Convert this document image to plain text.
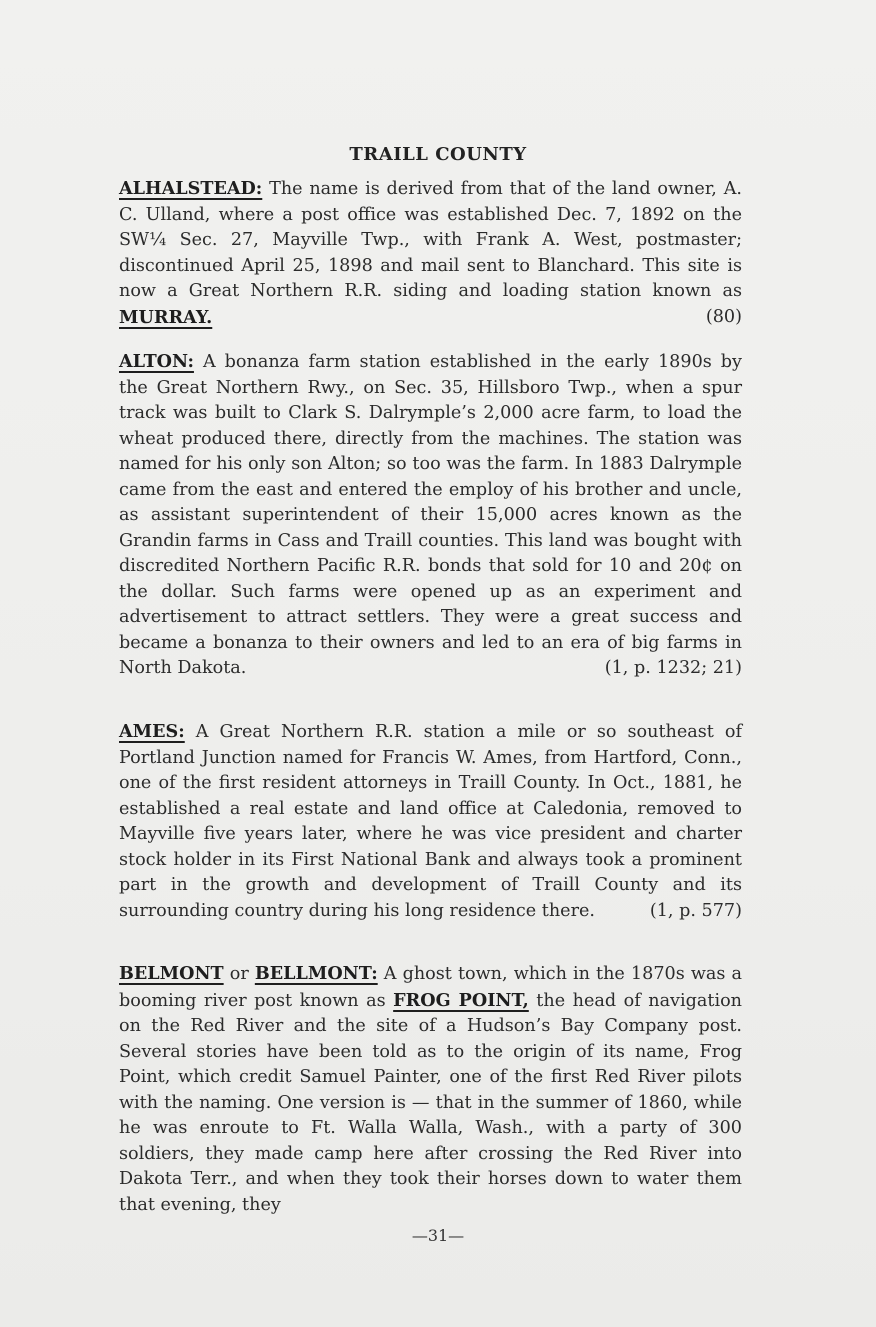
TRAILL COUNTY

ALHALSTEAD: The name is derived from that of the land owner, A. C. Ulland, where a post office was established Dec. 7, 1892 on the SW¼ Sec. 27, Mayville Twp., with Frank A. West, postmaster; discontinued April 25, 1898 and mail sent to Blanchard. This site is now a Great Northern R.R. siding and loading station known as MURRAY.	(80)

ALTON: A bonanza farm station established in the early 1890s by the Great Northern Rwy., on Sec. 35, Hillsboro Twp., when a spur track was built to Clark S. Dalrymple’s 2,000 acre farm, to load the wheat produced there, directly from the machines. The station was named for his only son Alton; so too was the farm. In 1883 Dalrymple came from the east and entered the employ of his brother and uncle, as assistant superintendent of their 15,000 acres known as the Grandin farms in Cass and Traill counties. This land was bought with discredited Northern Pacific R.R. bonds that sold for 10 and 20¢ on the dollar. Such farms were opened up as an experiment and advertisement to attract settlers. They were a great success and became a bonanza to their owners and led to an era of big farms in North Dakota.	(1, p. 1232; 21)

AMES: A Great Northern R.R. station a mile or so southeast of Portland Junction named for Francis W. Ames, from Hartford, Conn., one of the first resident attorneys in Traill County. In Oct., 1881, he established a real estate and land office at Caledonia, removed to Mayville five years later, where he was vice president and charter stock holder in its First National Bank and always took a prominent part in the growth and development of Traill County and its surrounding country during his long residence there.	(1, p. 577)

BELMONT or BELLMONT: A ghost town, which in the 1870s was a booming river post known as FROG POINT, the head of navigation on the Red River and the site of a Hudson’s Bay Company post. Several stories have been told as to the origin of its name, Frog Point, which credit Samuel Painter, one of the first Red River pilots with the naming. One version is — that in the summer of 1860, while he was enroute to Ft. Walla Walla, Wash., with a party of 300 soldiers, they made camp here after crossing the Red River into Dakota Terr., and when they took their horses down to water them that evening, they

—31—
